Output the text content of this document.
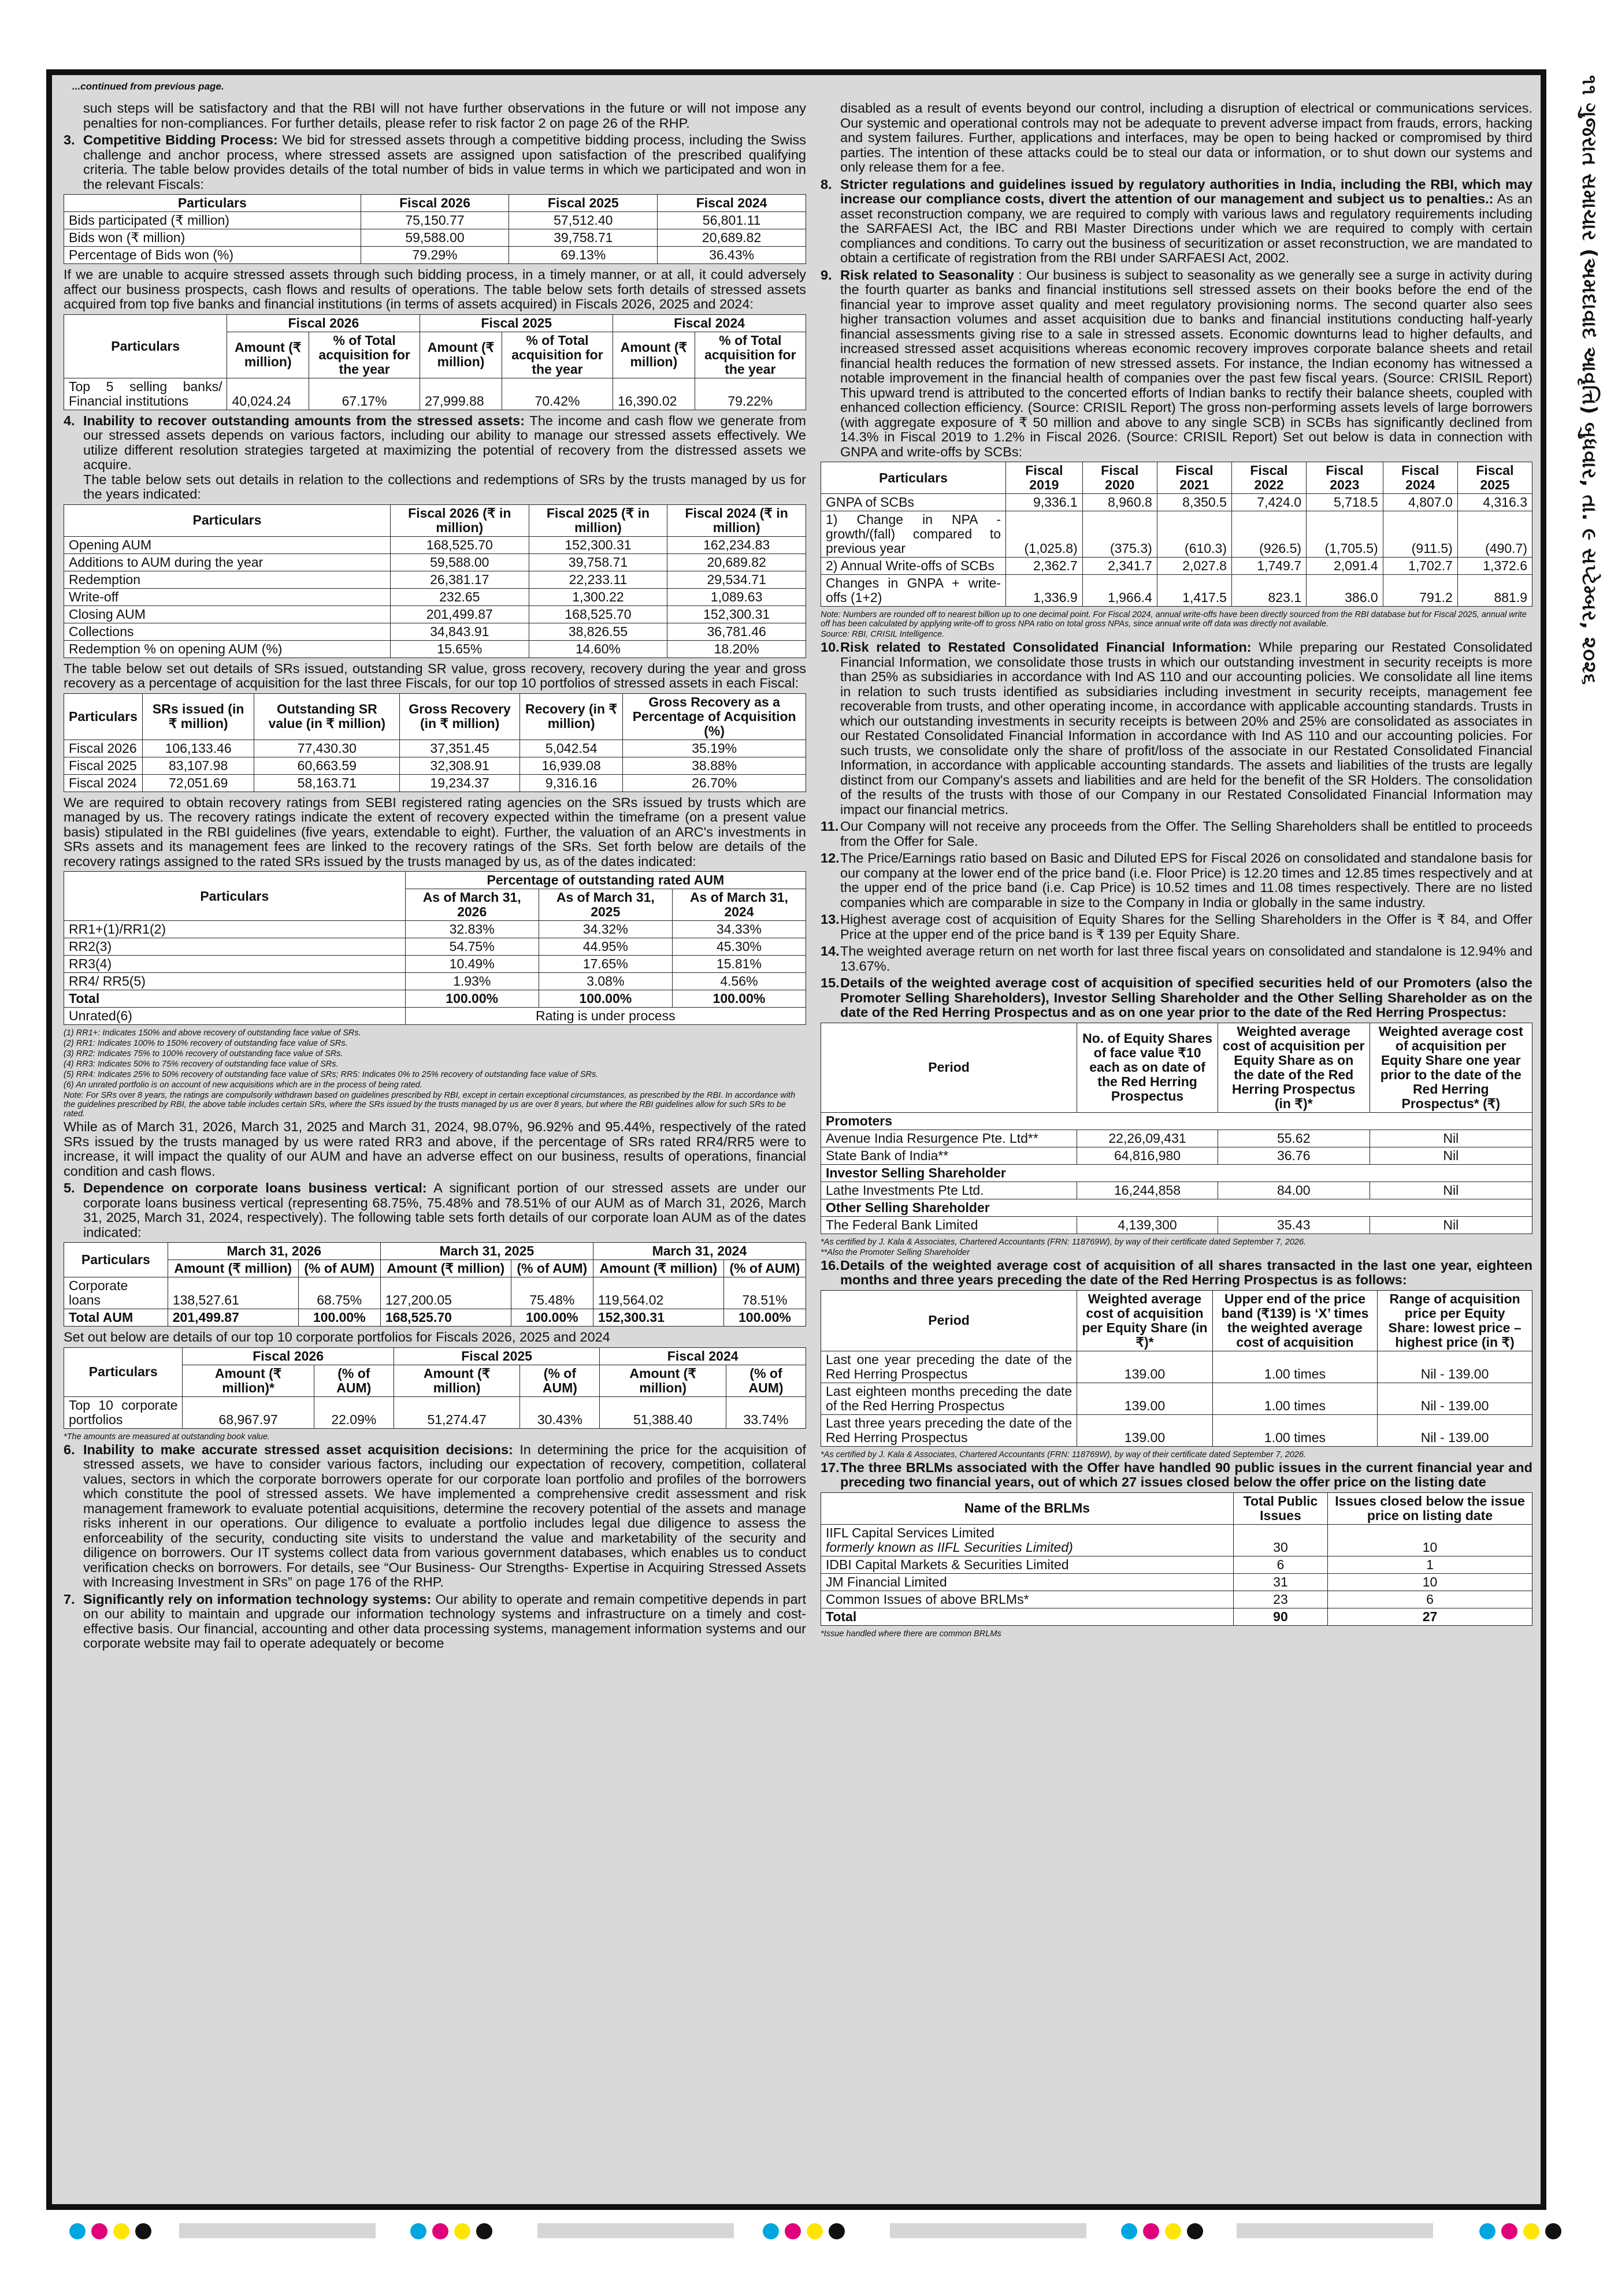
૧૧ ગુજરાત સમાચાર (અમદાવાદ આવૃત્તિ) બુધવાર, તા. ૯ સપ્ટેમ્બર, ૨૦૨૬
...continued from previous page.

such steps will be satisfactory and that the RBI will not have further observations in the future or will not impose any penalties for non-compliances. For further details, please refer to risk factor 2 on page 26 of the RHP.

3. Competitive Bidding Process: We bid for stressed assets through a competitive bidding process, including the Swiss challenge and anchor process, where stressed assets are assigned upon satisfaction of the prescribed qualifying criteria. The table below provides details of the total number of bids in value terms in which we participated and won in the relevant Fiscals:
Particulars	Fiscal 2026	Fiscal 2025	Fiscal 2024
Bids participated (₹ million)	75,150.77	57,512.40	56,801.11
Bids won (₹ million)	59,588.00	39,758.71	20,689.82
Percentage of Bids won (%)	79.29%	69.13%	36.43%

If we are unable to acquire stressed assets through such bidding process, in a timely manner, or at all, it could adversely affect our business prospects, cash flows and results of operations. The table below sets forth details of stressed assets acquired from top five banks and financial institutions (in terms of assets acquired) in Fiscals 2026, 2025 and 2024:

Particulars	Fiscal 2026		Fiscal 2025		Fiscal 2024	
	Amount (₹ million)	% of Total acquisition for the year	Amount (₹ million)	% of Total acquisition for the year	Amount (₹ million)	% of Total acquisition for the year
Top 5 selling banks/ Financial institutions	40,024.24	67.17%	27,999.88	70.42%	16,390.02	79.22%
4. Inability to recover outstanding amounts from the stressed assets: The income and cash flow we generate from our stressed assets depends on various factors, including our ability to manage our stressed assets effectively. We utilize different resolution strategies targeted at maximizing the potential of recovery from the distressed assets we acquire.
The table below sets out details in relation to the collections and redemptions of SRs by the trusts managed by us for the years indicated:
Particulars	Fiscal 2026 (₹ in million)	Fiscal 2025 (₹ in million)	Fiscal 2024 (₹ in million)
Opening AUM	168,525.70	152,300.31	162,234.83
Additions to AUM during the year	59,588.00	39,758.71	20,689.82
Redemption	26,381.17	22,233.11	29,534.71
Write-off	232.65	1,300.22	1,089.63
Closing AUM	201,499.87	168,525.70	152,300.31
Collections	34,843.91	38,826.55	36,781.46
Redemption % on opening AUM (%)	15.65%	14.60%	18.20%

The table below set out details of SRs issued, outstanding SR value, gross recovery, recovery during the year and gross recovery as a percentage of acquisition for the last three Fiscals, for our top 10 portfolios of stressed assets in each Fiscal:

Particulars	SRs issued (in ₹ million)	Outstanding SR value (in ₹ million)	Gross Recovery (in ₹ million)	Recovery (in ₹ million)	Gross Recovery as a Percentage of Acquisition (%)
Fiscal 2026	106,133.46	77,430.30	37,351.45	5,042.54	35.19%
Fiscal 2025	83,107.98	60,663.59	32,308.91	16,939.08	38.88%
Fiscal 2024	72,051.69	58,163.71	19,234.37	9,316.16	26.70%

We are required to obtain recovery ratings from SEBI registered rating agencies on the SRs issued by trusts which are managed by us. The recovery ratings indicate the extent of recovery expected within the timeframe (on a present value basis) stipulated in the RBI guidelines (five years, extendable to eight). Further, the valuation of an ARC's investments in SRs assets and its management fees are linked to the recovery ratings of the SRs. Set forth below are details of the recovery ratings assigned to the rated SRs issued by the trusts managed by us, as of the dates indicated:

Particulars	Percentage of outstanding rated AUM		
	As of March 31, 2026	As of March 31, 2025	As of March 31, 2024
RR1+(1)/RR1(2)	32.83%	34.32%	34.33%
RR2(3)	54.75%	44.95%	45.30%
RR3(4)	10.49%	17.65%	15.81%
RR4/ RR5(5)	1.93%	3.08%	4.56%
Total	100.00%	100.00%	100.00%
Unrated(6)	Rating is under process		
(1) RR1+: Indicates 150% and above recovery of outstanding face value of SRs.
(2) RR1: Indicates 100% to 150% recovery of outstanding face value of SRs.
(3) RR2: Indicates 75% to 100% recovery of outstanding face value of SRs.
(4) RR3: Indicates 50% to 75% recovery of outstanding face value of SRs.
(5) RR4: Indicates 25% to 50% recovery of outstanding face value of SRs; RR5: Indicates 0% to 25% recovery of outstanding face value of SRs.
(6) An unrated portfolio is on account of new acquisitions which are in the process of being rated.
Note: For SRs over 8 years, the ratings are compulsorily withdrawn based on guidelines prescribed by RBI, except in certain exceptional circumstances, as prescribed by the RBI. In accordance with the guidelines prescribed by RBI, the above table includes certain SRs, where the SRs issued by the trusts managed by us are over 8 years, but where the RBI guidelines allow for such SRs to be rated.

While as of March 31, 2026, March 31, 2025 and March 31, 2024, 98.07%, 96.92% and 95.44%, respectively of the rated SRs issued by the trusts managed by us were rated RR3 and above, if the percentage of SRs rated RR4/RR5 were to increase, it will impact the quality of our AUM and have an adverse effect on our business, results of operations, financial condition and cash flows.

5. Dependence on corporate loans business vertical: A significant portion of our stressed assets are under our corporate loans business vertical (representing 68.75%, 75.48% and 78.51% of our AUM as of March 31, 2026, March 31, 2025, March 31, 2024, respectively). The following table sets forth details of our corporate loan AUM as of the dates indicated:
Particulars	March 31, 2026		March 31, 2025		March 31, 2024	
	Amount (₹ million)	(% of AUM)	Amount (₹ million)	(% of AUM)	Amount (₹ million)	(% of AUM)
Corporate loans	138,527.61	68.75%	127,200.05	75.48%	119,564.02	78.51%
Total AUM	201,499.87	100.00%	168,525.70	100.00%	152,300.31	100.00%

Set out below are details of our top 10 corporate portfolios for Fiscals 2026, 2025 and 2024

Particulars	Fiscal 2026		Fiscal 2025		Fiscal 2024	
	Amount (₹ million)*	(% of AUM)	Amount (₹ million)	(% of AUM)	Amount (₹ million)	(% of AUM)
Top 10 corporate portfolios	68,967.97	22.09%	51,274.47	30.43%	51,388.40	33.74%
*The amounts are measured at outstanding book value.
6. Inability to make accurate stressed asset acquisition decisions: In determining the price for the acquisition of stressed assets, we have to consider various factors, including our expectation of recovery, competition, collateral values, sectors in which the corporate borrowers operate for our corporate loan portfolio and profiles of the borrowers which constitute the pool of stressed assets. We have implemented a comprehensive credit assessment and risk management framework to evaluate potential acquisitions, determine the recovery potential of the assets and manage risks inherent in our operations. Our diligence to evaluate a portfolio includes legal due diligence to assess the enforceability of the security, conducting site visits to understand the value and marketability of the security and diligence on borrowers. Our IT systems collect data from various government databases, which enables us to conduct verification checks on borrowers. For details, see “Our Business- Our Strengths- Expertise in Acquiring Stressed Assets with Increasing Investment in SRs” on page 176 of the RHP.
7. Significantly rely on information technology systems: Our ability to operate and remain competitive depends in part on our ability to maintain and upgrade our information technology systems and infrastructure on a timely and cost-effective basis. Our financial, accounting and other data processing systems, management information systems and our corporate website may fail to operate adequately or become

disabled as a result of events beyond our control, including a disruption of electrical or communications services. Our systemic and operational controls may not be adequate to prevent adverse impact from frauds, errors, hacking and system failures. Further, applications and interfaces, may be open to being hacked or compromised by third parties. The intention of these attacks could be to steal our data or information, or to shut down our systems and only release them for a fee.

8. Stricter regulations and guidelines issued by regulatory authorities in India, including the RBI, which may increase our compliance costs, divert the attention of our management and subject us to penalties.: As an asset reconstruction company, we are required to comply with various laws and regulatory requirements including the SARFAESI Act, the IBC and RBI Master Directions under which we are required to comply with certain compliances and conditions. To carry out the business of securitization or asset reconstruction, we are mandated to obtain a certificate of registration from the RBI under SARFAESI Act, 2002.
9. Risk related to Seasonality : Our business is subject to seasonality as we generally see a surge in activity during the fourth quarter as banks and financial institutions sell stressed assets on their books before the end of the financial year to improve asset quality and meet regulatory provisioning norms. The second quarter also sees higher transaction volumes and asset acquisition due to banks and financial institutions conducting half-yearly financial assessments giving rise to a sale in stressed assets. Economic downturns lead to higher defaults, and increased stressed asset acquisitions whereas economic recovery improves corporate balance sheets and retail financial health reduces the formation of new stressed assets. For instance, the Indian economy has witnessed a notable improvement in the financial health of companies over the past few fiscal years. (Source: CRISIL Report) This upward trend is attributed to the concerted efforts of Indian banks to rectify their balance sheets, coupled with enhanced collection efficiency. (Source: CRISIL Report) The gross non-performing assets levels of large borrowers (with aggregate exposure of ₹ 50 million and above to any single SCB) in SCBs has significantly declined from 14.3% in Fiscal 2019 to 1.2% in Fiscal 2026. (Source: CRISIL Report) Set out below is data in connection with GNPA and write-offs by SCBs:
Particulars	Fiscal 2019	Fiscal 2020	Fiscal 2021	Fiscal 2022	Fiscal 2023	Fiscal 2024	Fiscal 2025
GNPA of SCBs	9,336.1	8,960.8	8,350.5	7,424.0	5,718.5	4,807.0	4,316.3
1) Change in NPA -growth/(fall) compared to previous year	(1,025.8)	(375.3)	(610.3)	(926.5)	(1,705.5)	(911.5)	(490.7)
2) Annual Write-offs of SCBs	2,362.7	2,341.7	2,027.8	1,749.7	2,091.4	1,702.7	1,372.6
Changes in GNPA + write-offs (1+2)	1,336.9	1,966.4	1,417.5	823.1	386.0	791.2	881.9
Note: Numbers are rounded off to nearest billion up to one decimal point. For Fiscal 2024, annual write-offs have been directly sourced from the RBI database but for Fiscal 2025, annual write off has been calculated by applying write-off to gross NPA ratio on total gross NPAs, since annual write off data was directly not available.
Source: RBI, CRISIL Intelligence.
10. Risk related to Restated Consolidated Financial Information: While preparing our Restated Consolidated Financial Information, we consolidate those trusts in which our outstanding investment in security receipts is more than 25% as subsidiaries in accordance with Ind AS 110 and our accounting policies. We consolidate all line items in relation to such trusts identified as subsidiaries including investment in security receipts, management fee recoverable from trusts, and other operating income, in accordance with applicable accounting standards. Trusts in which our outstanding investments in security receipts is between 20% and 25% are consolidated as associates in our Restated Consolidated Financial Information in accordance with Ind AS 110 and our accounting policies. For such trusts, we consolidate only the share of profit/loss of the associate in our Restated Consolidated Financial Information, in accordance with applicable accounting standards. The assets and liabilities of the trusts are legally distinct from our Company's assets and liabilities and are held for the benefit of the SR Holders. The consolidation of the results of the trusts with those of our Company in our Restated Consolidated Financial Information may impact our financial metrics.
11. Our Company will not receive any proceeds from the Offer. The Selling Shareholders shall be entitled to proceeds from the Offer for Sale.
12. The Price/Earnings ratio based on Basic and Diluted EPS for Fiscal 2026 on consolidated and standalone basis for our company at the lower end of the price band (i.e. Floor Price) is 12.20 times and 12.85 times respectively and at the upper end of the price band (i.e. Cap Price) is 10.52 times and 11.08 times respectively. There are no listed companies which are comparable in size to the Company in India or globally in the same industry.
13. Highest average cost of acquisition of Equity Shares for the Selling Shareholders in the Offer is ₹ 84, and Offer Price at the upper end of the price band is ₹ 139 per Equity Share.
14. The weighted average return on net worth for last three fiscal years on consolidated and standalone is 12.94% and 13.67%.
15. Details of the weighted average cost of acquisition of specified securities held of our Promoters (also the Promoter Selling Shareholders), Investor Selling Shareholder and the Other Selling Shareholder as on the date of the Red Herring Prospectus and as on one year prior to the date of the Red Herring Prospectus:
Period	No. of Equity Shares of face value ₹10 each as on date of the Red Herring Prospectus	Weighted average cost of acquisition per Equity Share as on the date of the Red Herring Prospectus (in ₹)*	Weighted average cost of acquisition per Equity Share one year prior to the date of the Red Herring Prospectus* (₹)
Promoters			
Avenue India Resurgence Pte. Ltd**	22,26,09,431	55.62	Nil
State Bank of India**	64,816,980	36.76	Nil
Investor Selling Shareholder			
Lathe Investments Pte Ltd.	16,244,858	84.00	Nil
Other Selling Shareholder			
The Federal Bank Limited	4,139,300	35.43	Nil
*As certified by J. Kala & Associates, Chartered Accountants (FRN: 118769W), by way of their certificate dated September 7, 2026.
**Also the Promoter Selling Shareholder
16. Details of the weighted average cost of acquisition of all shares transacted in the last one year, eighteen months and three years preceding the date of the Red Herring Prospectus is as follows:
Period	Weighted average cost of acquisition per Equity Share (in ₹)*	Upper end of the price band (₹139) is ‘X’ times the weighted average cost of acquisition	Range of acquisition price per Equity Share: lowest price – highest price (in ₹)
Last one year preceding the date of the Red Herring Prospectus	139.00	1.00 times	Nil - 139.00
Last eighteen months preceding the date of the Red Herring Prospectus	139.00	1.00 times	Nil - 139.00
Last three years preceding the date of the Red Herring Prospectus	139.00	1.00 times	Nil - 139.00
*As certified by J. Kala & Associates, Chartered Accountants (FRN: 118769W), by way of their certificate dated September 7, 2026.
17. The three BRLMs associated with the Offer have handled 90 public issues in the current financial year and preceding two financial years, out of which 27 issues closed below the offer price on the listing date
Name of the BRLMs	Total Public Issues	Issues closed below the issue price on listing date
IIFL Capital Services Limited
formerly known as IIFL Securities Limited)	30	10
IDBI Capital Markets & Securities Limited	6	1
JM Financial Limited	31	10
Common Issues of above BRLMs*	23	6
Total	90	27
*Issue handled where there are common BRLMs
